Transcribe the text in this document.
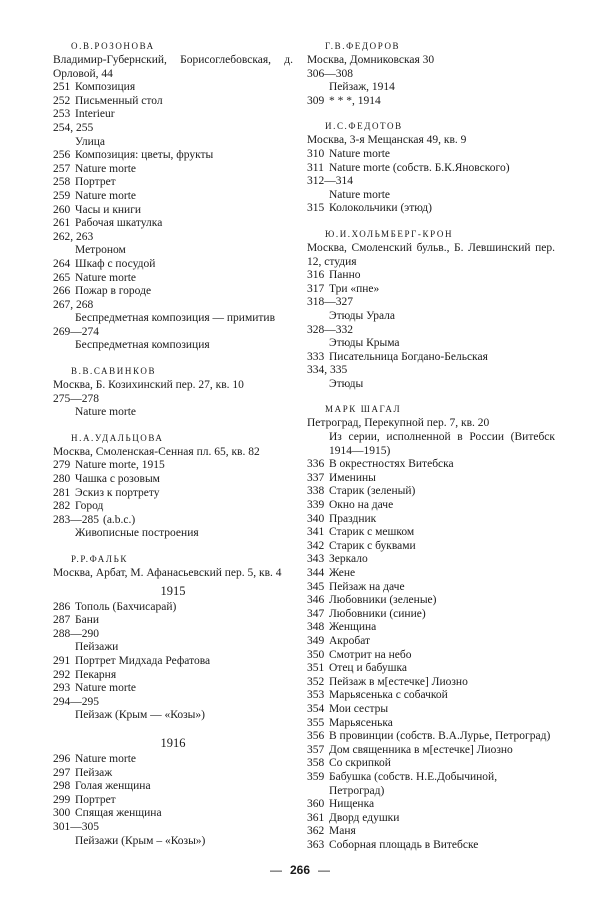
О.В.РОЗОНОВА
Владимир-Губернский, Борисоглебовская, д. Орловой, 44
251 Композиция
252 Письменный стол
253 Interieur
254, 255
Улица
256 Композиция: цветы, фрукты
257 Nature morte
258 Портрет
259 Nature morte
260 Часы и книги
261 Рабочая шкатулка
262, 263
Метроном
264 Шкаф с посудой
265 Nature morte
266 Пожар в городе
267, 268
Беспредметная композиция — примитив
269—274
Беспредметная композиция
В.В.САВИНКОВ
Москва, Б. Козихинский пер. 27, кв. 10
275—278
Nature morte
Н.А.УДАЛЬЦОВА
Москва, Смоленская-Сенная пл. 65, кв. 82
279 Nature morte, 1915
280 Чашка с розовым
281 Эскиз к портрету
282 Город
283—285 (a.b.c.)
Живописные построения
Р.Р.ФАЛЬК
Москва, Арбат, М. Афанасьевский пер. 5, кв. 4
1915
286 Тополь (Бахчисарай)
287 Бани
288—290
Пейзажи
291 Портрет Мидхада Рефатова
292 Пекарня
293 Nature morte
294—295
Пейзаж (Крым — «Козы»)
1916
296 Nature morte
297 Пейзаж
298 Голая женщина
299 Портрет
300 Спящая женщина
301—305
Пейзажи (Крым – «Козы»)
Г.В.ФЕДОРОВ
Москва, Домниковская 30
306—308
Пейзаж, 1914
309 * * *, 1914
И.С.ФЕДОТОВ
Москва, 3-я Мещанская 49, кв. 9
310 Nature morte
311 Nature morte (собств. Б.К.Яновского)
312—314
Nature morte
315 Колокольчики (этюд)
Ю.И.ХОЛЬМБЕРГ-КРОН
Москва, Смоленский бульв., Б. Левшинский пер. 12, студия
316 Панно
317 Три «пне»
318—327
Этюды Урала
328—332
Этюды Крыма
333 Писательница Богдано-Бельская
334, 335
Этюды
МАРК ШАГАЛ
Петроград, Перекупной пер. 7, кв. 20
Из серии, исполненной в России (Витебск 1914—1915)
336 В окрестностях Витебска
337 Именины
338 Старик (зеленый)
339 Окно на даче
340 Праздник
341 Старик с мешком
342 Старик с буквами
343 Зеркало
344 Жене
345 Пейзаж на даче
346 Любовники (зеленые)
347 Любовники (синие)
348 Женщина
349 Акробат
350 Смотрит на небо
351 Отец и бабушка
352 Пейзаж в м[естечке] Лиозно
353 Марьясенька с собачкой
354 Мои сестры
355 Марьясенька
356 В провинции (собств. В.А.Лурье, Петроград)
357 Дом священника в м[естечке] Лиозно
358 Со скрипкой
359 Бабушка (собств. Н.Е.Добычиной, Петроград)
360 Нищенка
361 Дворд едушки
362 Маня
363 Соборная площадь в Витебске
— 266 —
